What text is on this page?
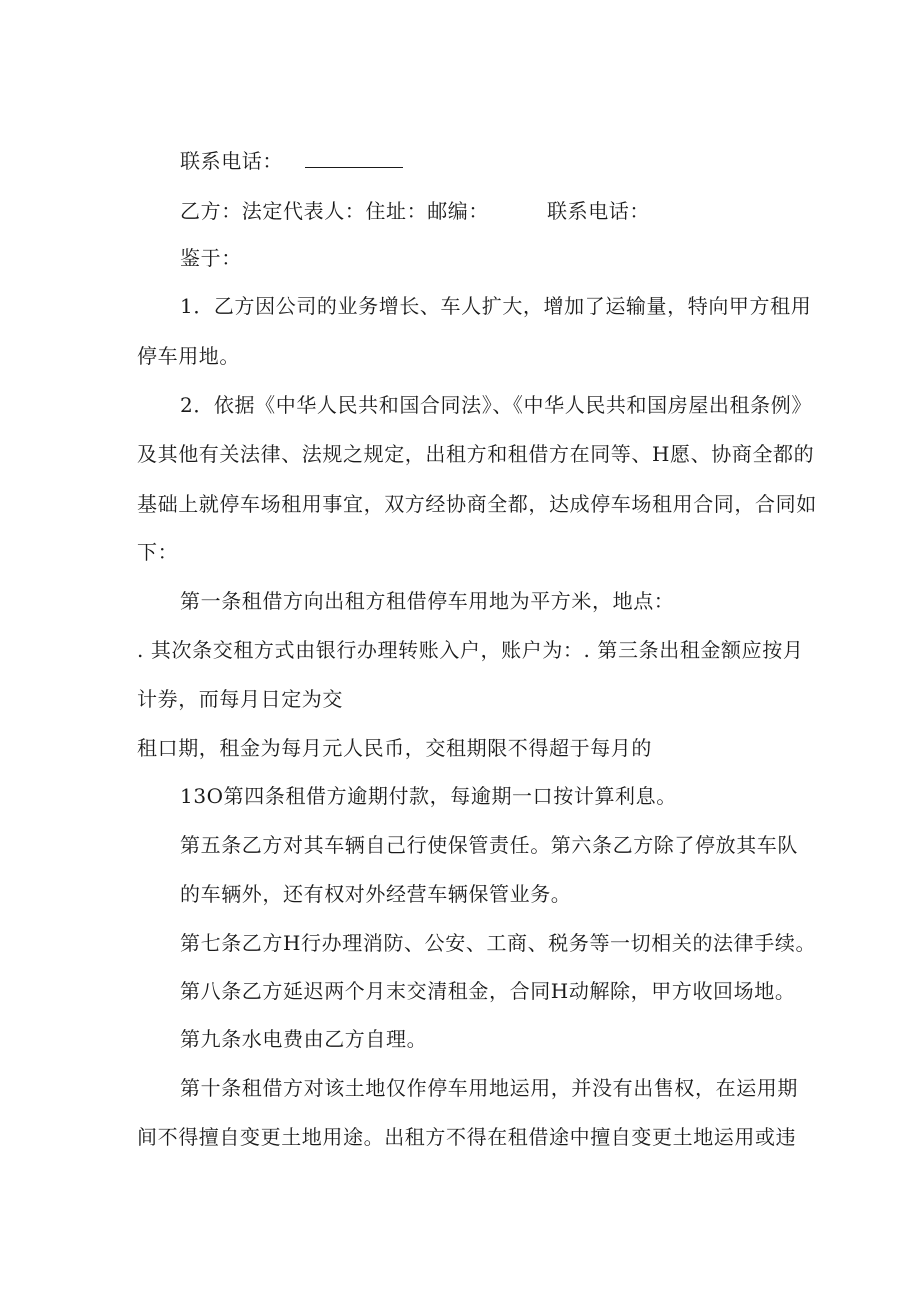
联系电话：
乙方：法定代表人：住址：邮编：	联系电话：
鉴于：
1．乙方因公司的业务增长、车人扩大，增加了运输量，特向甲方租用
停车用地。
2．依据《中华人民共和国合同法》、《中华人民共和国房屋出租条例》
及其他有关法律、法规之规定，出租方和租借方在同等、H愿、协商全都的
基础上就停车场租用事宜，双方经协商全都，达成停车场租用合同，合同如
下：
第一条租借方向出租方租借停车用地为平方米，地点：
. 其次条交租方式由银行办理转账入户，账户为：. 第三条出租金额应按月
计券，而每月日定为交
租口期，租金为每月元人民币，交租期限不得超于每月的
13O第四条租借方逾期付款，每逾期一口按计算利息。
第五条乙方对其车辆自己行使保管责任。第六条乙方除了停放其车队
的车辆外，还有权对外经营车辆保管业务。
第七条乙方H行办理消防、公安、工商、税务等一切相关的法律手续。
第八条乙方延迟两个月末交清租金，合同H动解除，甲方收回场地。
第九条水电费由乙方自理。
第十条租借方对该土地仅作停车用地运用，并没有出售权，在运用期
间不得擅自变更土地用途。出租方不得在租借途中擅自变更土地运用或违
